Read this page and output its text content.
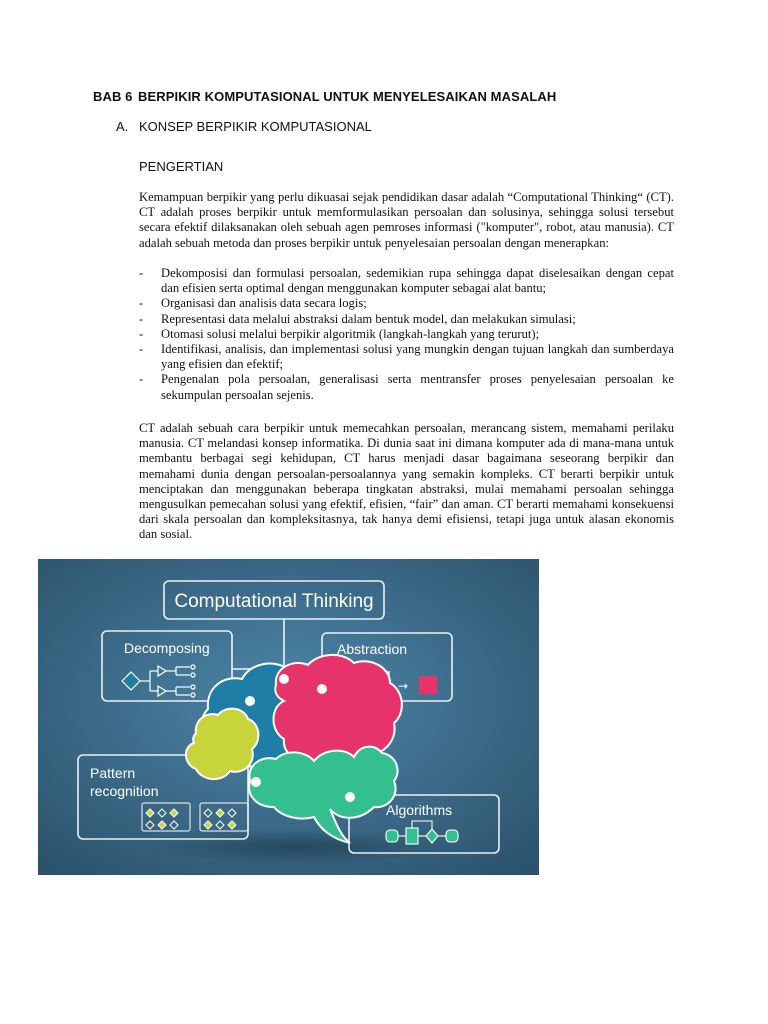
BAB 6 BERPIKIR KOMPUTASIONAL UNTUK MENYELESAIKAN MASALAH
A. KONSEP BERPIKIR KOMPUTASIONAL
PENGERTIAN
Kemampuan berpikir yang perlu dikuasai sejak pendidikan dasar adalah “Computational Thinking“ (CT). CT adalah proses berpikir untuk memformulasikan persoalan dan solusinya, sehingga solusi tersebut secara efektif dilaksanakan oleh sebuah agen pemroses informasi ("komputer", robot, atau manusia). CT adalah sebuah metoda dan proses berpikir untuk penyelesaian persoalan dengan menerapkan:
- Dekomposisi dan formulasi persoalan, sedemikian rupa sehingga dapat diselesaikan dengan cepat dan efisien serta optimal dengan menggunakan komputer sebagai alat bantu;
- Organisasi dan analisis data secara logis;
- Representasi data melalui abstraksi dalam bentuk model, dan melakukan simulasi;
- Otomasi solusi melalui berpikir algoritmik (langkah-langkah yang terurut);
- Identifikasi, analisis, dan implementasi solusi yang mungkin dengan tujuan langkah dan sumberdaya yang efisien dan efektif;
- Pengenalan pola persoalan, generalisasi serta mentransfer proses penyelesaian persoalan ke sekumpulan persoalan sejenis.
CT adalah sebuah cara berpikir untuk memecahkan persoalan, merancang sistem, memahami perilaku manusia. CT melandasi konsep informatika. Di dunia saat ini dimana komputer ada di mana-mana untuk membantu berbagai segi kehidupan, CT harus menjadi dasar bagaimana seseorang berpikir dan memahami dunia dengan persoalan-persoalannya yang semakin kompleks. CT berarti berpikir untuk menciptakan dan menggunakan beberapa tingkatan abstraksi, mulai memahami persoalan sehingga mengusulkan pemecahan solusi yang efektif, efisien, “fair” dan aman. CT berarti memahami konsekuensi dari skala persoalan dan kompleksitasnya, tak hanya demi efisiensi, tetapi juga untuk alasan ekonomis dan sosial.
Computational Thinking
Decomposing	Abstraction
→
Pattern
recognition
Algorithms
